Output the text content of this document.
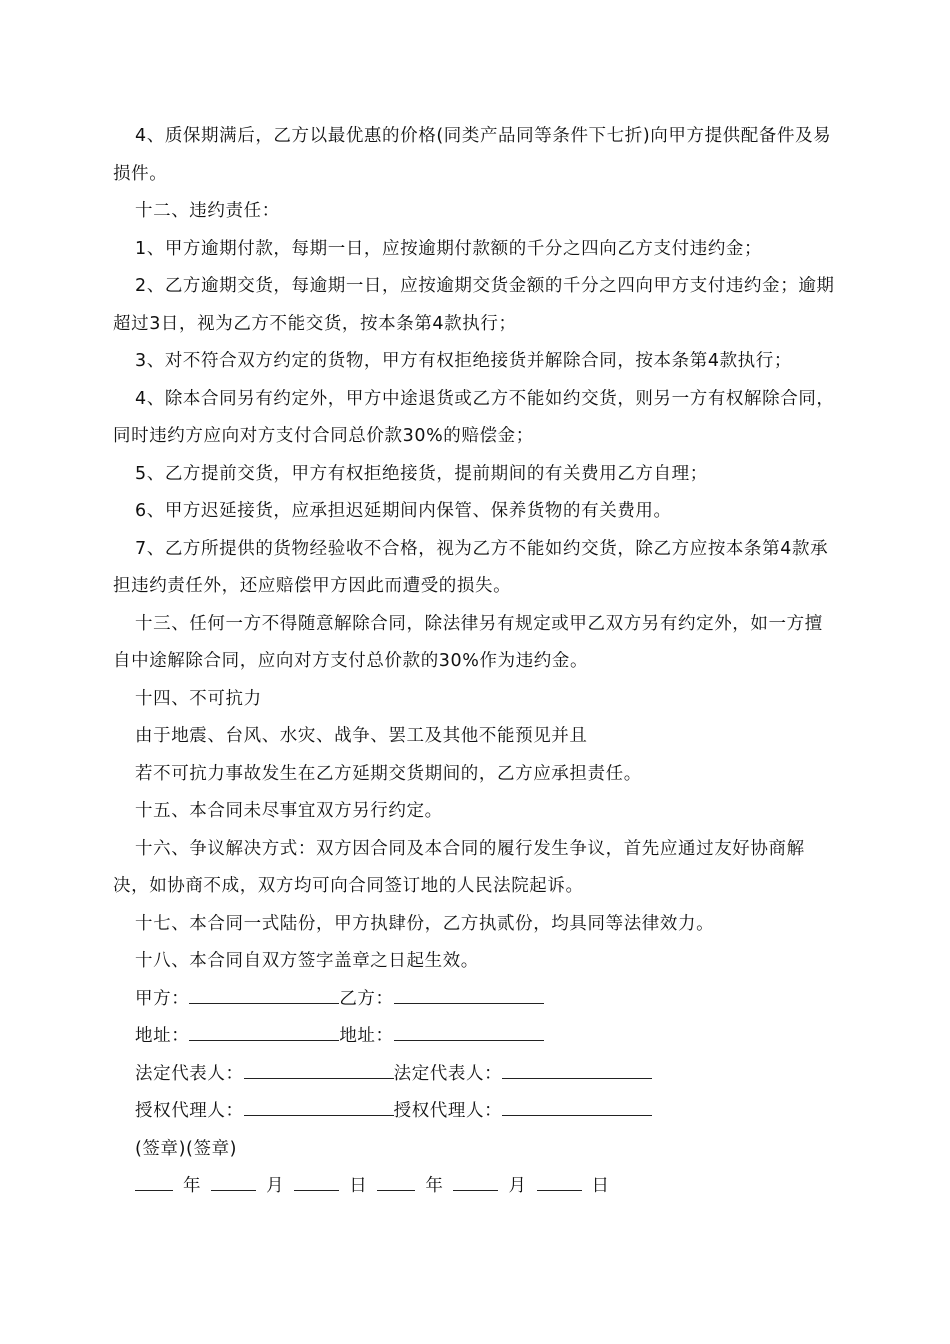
4、质保期满后，乙方以最优惠的价格(同类产品同等条件下七折)向甲方提供配备件及易损件。

十二、违约责任：

1、甲方逾期付款，每期一日，应按逾期付款额的千分之四向乙方支付违约金；

2、乙方逾期交货，每逾期一日，应按逾期交货金额的千分之四向甲方支付违约金；逾期超过3日，视为乙方不能交货，按本条第4款执行；

3、对不符合双方约定的货物，甲方有权拒绝接货并解除合同，按本条第4款执行；

4、除本合同另有约定外，甲方中途退货或乙方不能如约交货，则另一方有权解除合同，同时违约方应向对方支付合同总价款30%的赔偿金；

5、乙方提前交货，甲方有权拒绝接货，提前期间的有关费用乙方自理；

6、甲方迟延接货，应承担迟延期间内保管、保养货物的有关费用。

7、乙方所提供的货物经验收不合格，视为乙方不能如约交货，除乙方应按本条第4款承担违约责任外，还应赔偿甲方因此而遭受的损失。

十三、任何一方不得随意解除合同，除法律另有规定或甲乙双方另有约定外，如一方擅自中途解除合同，应向对方支付总价款的30%作为违约金。

十四、不可抗力

由于地震、台风、水灾、战争、罢工及其他不能预见并且

若不可抗力事故发生在乙方延期交货期间的，乙方应承担责任。

十五、本合同未尽事宜双方另行约定。

十六、争议解决方式：双方因合同及本合同的履行发生争议，首先应通过友好协商解决，如协商不成，双方均可向合同签订地的人民法院起诉。

十七、本合同一式陆份，甲方执肆份，乙方执贰份，均具同等法律效力。

十八、本合同自双方签字盖章之日起生效。

甲方：	乙方：
地址：	地址：
法定代表人：	法定代表人：
授权代理人：	授权代理人：
(签章)(签章)
年	月	日	年	月	日
